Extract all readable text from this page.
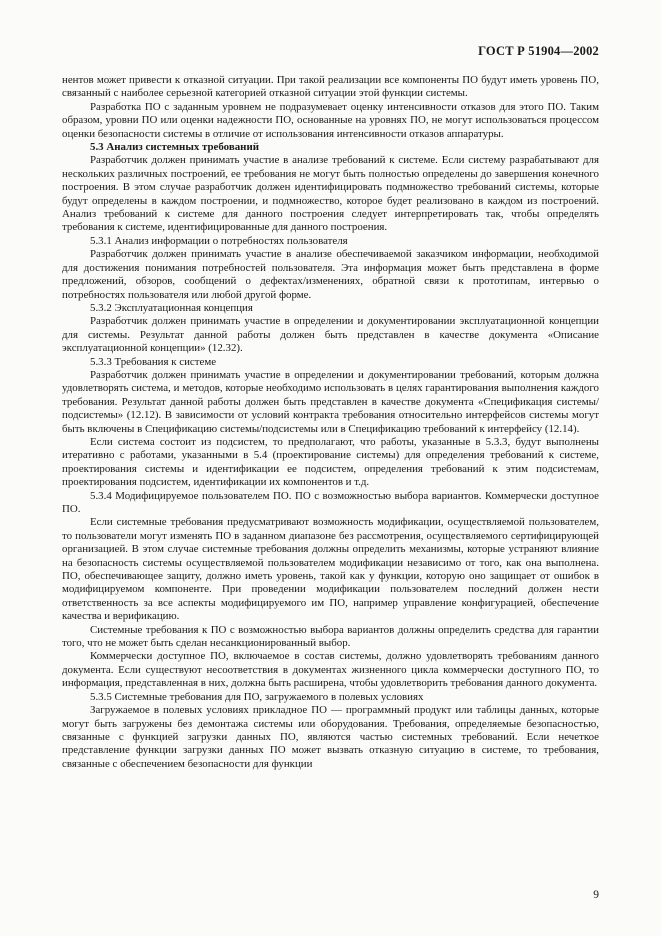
ГОСТ Р 51904—2002

нентов может привести к отказной ситуации. При такой реализации все компоненты ПО будут иметь уровень ПО, связанный с наиболее серьезной категорией отказной ситуации этой функции системы.

Разработка ПО с заданным уровнем не подразумевает оценку интенсивности отказов для этого ПО. Таким образом, уровни ПО или оценки надежности ПО, основанные на уровнях ПО, не могут использоваться процессом оценки безопасности системы в отличие от использования интенсивности отказов аппаратуры.

5.3 Анализ системных требований

Разработчик должен принимать участие в анализе требований к системе. Если систему разрабатывают для нескольких различных построений, ее требования не могут быть полностью определены до завершения конечного построения. В этом случае разработчик должен идентифицировать подмножество требований системы, которые будут определены в каждом построении, и подмножество, которое будет реализовано в каждом из построений. Анализ требований к системе для данного построения следует интерпретировать так, чтобы определять требования к системе, идентифицированные для данного построения.

5.3.1 Анализ информации о потребностях пользователя

Разработчик должен принимать участие в анализе обеспечиваемой заказчиком информации, необходимой для достижения понимания потребностей пользователя. Эта информация может быть представлена в форме предложений, обзоров, сообщений о дефектах/изменениях, обратной связи к прототипам, интервью о потребностях пользователя или любой другой форме.

5.3.2 Эксплуатационная концепция

Разработчик должен принимать участие в определении и документировании эксплуатационной концепции для системы. Результат данной работы должен быть представлен в качестве документа «Описание эксплуатационной концепции» (12.32).

5.3.3 Требования к системе

Разработчик должен принимать участие в определении и документировании требований, которым должна удовлетворять система, и методов, которые необходимо использовать в целях гарантирования выполнения каждого требования. Результат данной работы должен быть представлен в качестве документа «Спецификация системы/подсистемы» (12.12). В зависимости от условий контракта требования относительно интерфейсов системы могут быть включены в Спецификацию системы/подсистемы или в Спецификацию требований к интерфейсу (12.14).

Если система состоит из подсистем, то предполагают, что работы, указанные в 5.3.3, будут выполнены итеративно с работами, указанными в 5.4 (проектирование системы) для определения требований к системе, проектирования системы и идентификации ее подсистем, определения требований к этим подсистемам, проектирования подсистем, идентификации их компонентов и т.д.

5.3.4 Модифицируемое пользователем ПО. ПО с возможностью выбора вариантов. Коммерчески доступное ПО.

Если системные требования предусматривают возможность модификации, осуществляемой пользователем, то пользователи могут изменять ПО в заданном диапазоне без рассмотрения, осуществляемого сертифицирующей организацией. В этом случае системные требования должны определить механизмы, которые устраняют влияние на безопасность системы осуществляемой пользователем модификации независимо от того, как она выполнена. ПО, обеспечивающее защиту, должно иметь уровень, такой как у функции, которую оно защищает от ошибок в модифицируемом компоненте. При проведении модификации пользователем последний должен нести ответственность за все аспекты модифицируемого им ПО, например управление конфигурацией, обеспечение качества и верификацию.

Системные требования к ПО с возможностью выбора вариантов должны определить средства для гарантии того, что не может быть сделан несанкционированный выбор.

Коммерчески доступное ПО, включаемое в состав системы, должно удовлетворять требованиям данного документа. Если существуют несоответствия в документах жизненного цикла коммерчески доступного ПО, то информация, представленная в них, должна быть расширена, чтобы удовлетворить требования данного документа.

5.3.5 Системные требования для ПО, загружаемого в полевых условиях

Загружаемое в полевых условиях прикладное ПО — программный продукт или таблицы данных, которые могут быть загружены без демонтажа системы или оборудования. Требования, определяемые безопасностью, связанные с функцией загрузки данных ПО, являются частью системных требований. Если нечеткое представление функции загрузки данных ПО может вызвать отказную ситуацию в системе, то требования, связанные с обеспечением безопасности для функции

9
